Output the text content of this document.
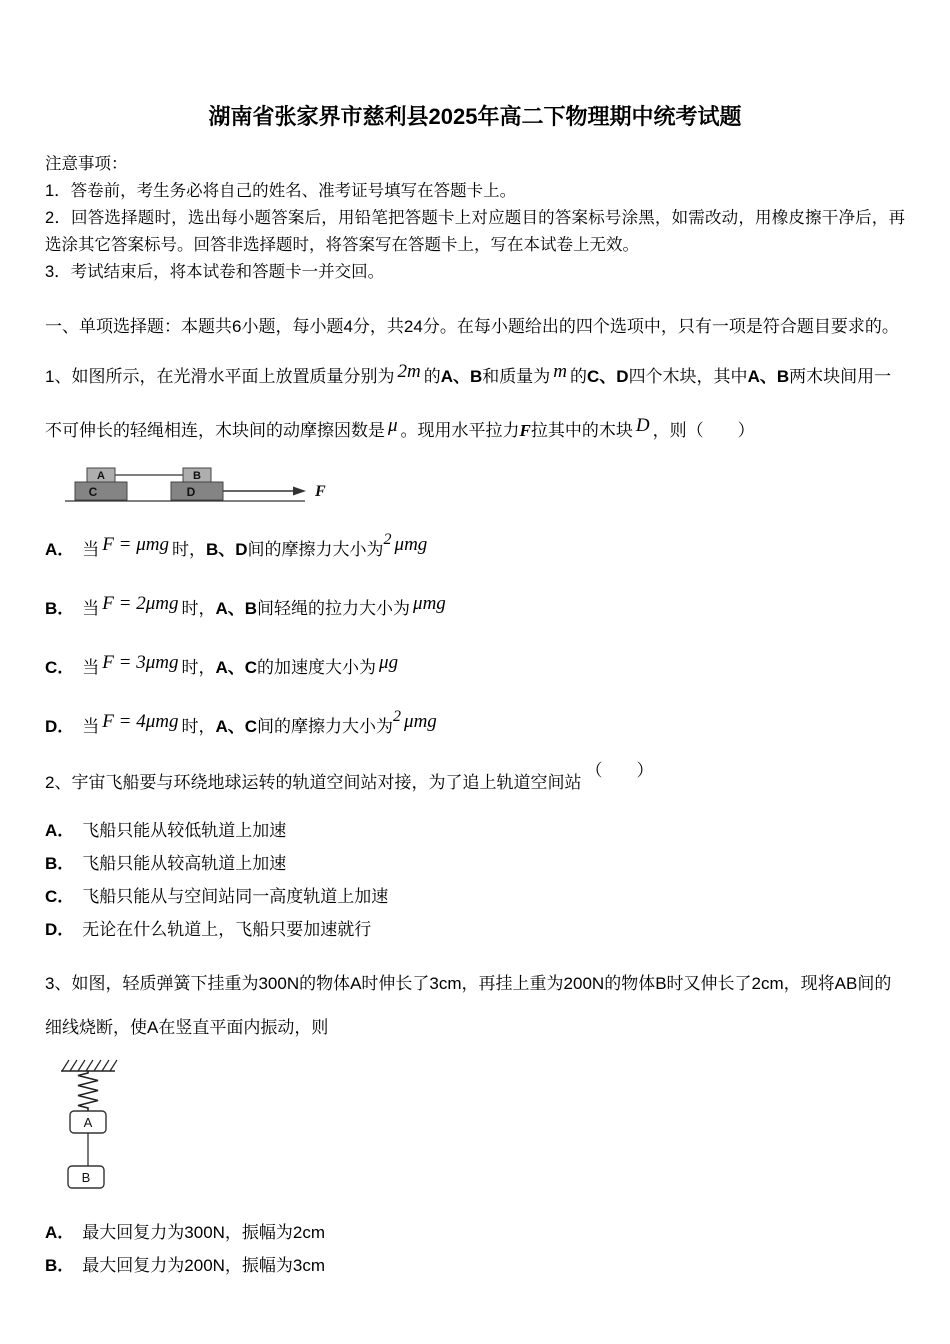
湖南省张家界市慈利县2025年高二下物理期中统考试题
注意事项：
1．答卷前，考生务必将自己的姓名、准考证号填写在答题卡上。
2．回答选择题时，选出每小题答案后，用铅笔把答题卡上对应题目的答案标号涂黑，如需改动，用橡皮擦干净后，再选涂其它答案标号。回答非选择题时，将答案写在答题卡上，写在本试卷上无效。
3．考试结束后，将本试卷和答题卡一并交回。
一、单项选择题：本题共6小题，每小题4分，共24分。在每小题给出的四个选项中，只有一项是符合题目要求的。

1、如图所示，在光滑水平面上放置质量分别为 2m 的A、B和质量为 m 的C、D四个木块，其中A、B两木块间用一不可伸长的轻绳相连，木块间的动摩擦因数是 μ 。现用水平拉力F拉其中的木块 D ，则（　　）

A
C
B
D	F
A． 当 F = μmg 时，B、D间的摩擦力大小为2 μmg
B． 当 F = 2μmg 时，A、B间轻绳的拉力大小为 μmg
C． 当 F = 3μmg 时，A、C的加速度大小为 μg
D． 当 F = 4μmg 时，A、C间的摩擦力大小为2 μmg

2、宇宙飞船要与环绕地球运转的轨道空间站对接，为了追上轨道空间站（　　）

A． 飞船只能从较低轨道上加速
B． 飞船只能从较高轨道上加速
C． 飞船只能从与空间站同一高度轨道上加速
D． 无论在什么轨道上，飞船只要加速就行

3、如图，轻质弹簧下挂重为300N的物体A时伸长了3cm，再挂上重为200N的物体B时又伸长了2cm，现将AB间的细线烧断，使A在竖直平面内振动，则

A
B
A． 最大回复力为300N，振幅为2cm
B． 最大回复力为200N，振幅为3cm
